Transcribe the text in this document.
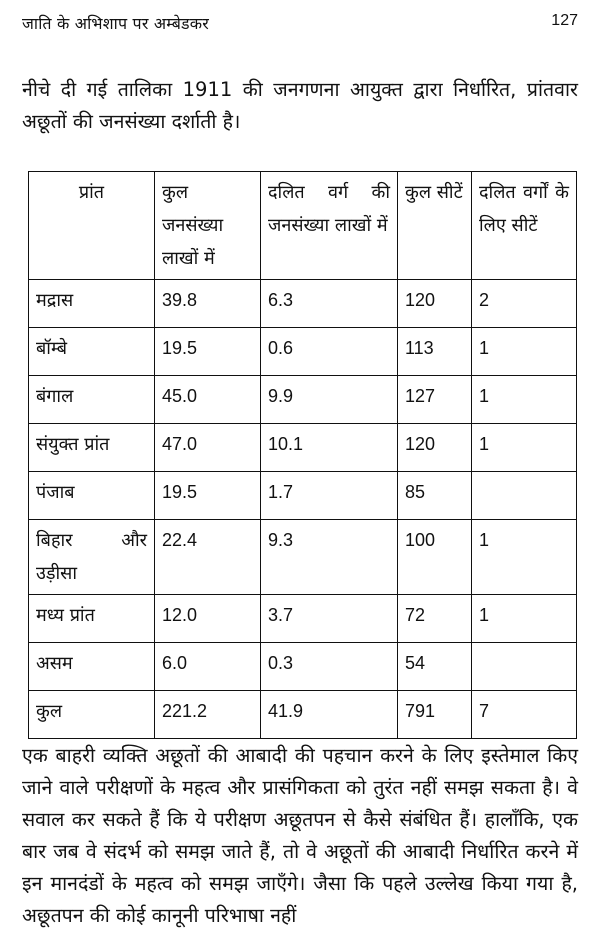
जाति के अभिशाप पर अम्बेडकर	127

नीचे दी गई तालिका 1911 की जनगणना आयुक्त द्वारा निर्धारित, प्रांतवार अछूतों की जनसंख्या दर्शाती है।

प्रांत	कुल जनसंख्या लाखों में	दलित वर्ग की जनसंख्या लाखों में	कुल सीटें	दलित वर्गों के लिए सीटें
मद्रास	39.8	6.3	120	2
बॉम्बे	19.5	0.6	113	1
बंगाल	45.0	9.9	127	1
संयुक्त प्रांत	47.0	10.1	120	1
पंजाब	19.5	1.7	85	
बिहार और उड़ीसा	22.4	9.3	100	1
मध्य प्रांत	12.0	3.7	72	1
असम	6.0	0.3	54	
कुल	221.2	41.9	791	7

एक बाहरी व्यक्ति अछूतों की आबादी की पहचान करने के लिए इस्तेमाल किए जाने वाले परीक्षणों के महत्व और प्रासंगिकता को तुरंत नहीं समझ सकता है। वे सवाल कर सकते हैं कि ये परीक्षण अछूतपन से कैसे संबंधित हैं। हालाँकि, एक बार जब वे संदर्भ को समझ जाते हैं, तो वे अछूतों की आबादी निर्धारित करने में इन मानदंडों के महत्व को समझ जाएँगे। जैसा कि पहले उल्लेख किया गया है, अछूतपन की कोई कानूनी परिभाषा नहीं
